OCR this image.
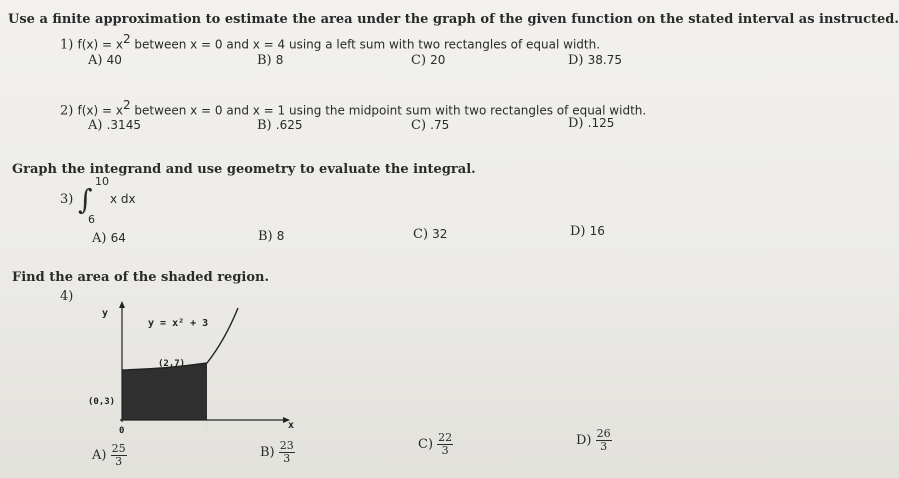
Use a finite approximation to estimate the area under the graph of the given function on the stated interval as instructed.
1) $f(x) = x^2$ between x = 0 and x = 4 using a left sum with two rectangles of equal width.
A) 40	B) 8	C) 20	D) 38.75
2) $f(x) = x^2$ between x = 0 and x = 1 using the midpoint sum with two rectangles of equal width.
A) .3145	B) .625	C) .75	D) .125
Graph the integrand and use geometry to evaluate the integral.
3)
10
∫
6
x dx
A) 64	B) 8	C) 32	D) 16
Find the area of the shaded region.
4)
y
x
y = x² + 3
(2,7)
(0,3)
0	2
$A) \frac{25}{3}$	$B) \frac{23}{3}$	$C) \frac{22}{3}$	$D) \frac{26}{3}$
